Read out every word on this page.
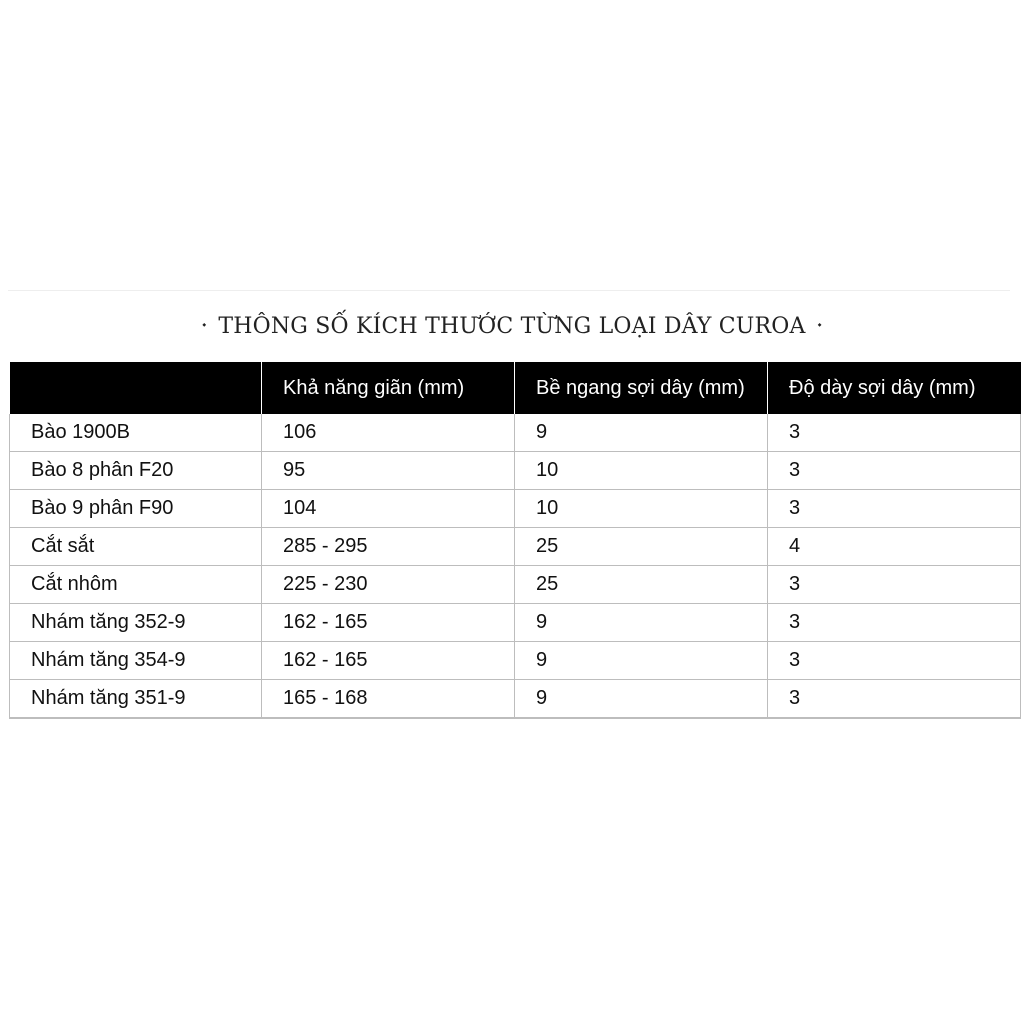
⬩ THÔNG SỐ KÍCH THƯỚC TỪNG LOẠI DÂY CUROA ⬩
	Khả năng giãn (mm)	Bề ngang sợi dây (mm)	Độ dày sợi dây (mm)
Bào 1900B	106	9	3
Bào 8 phân F20	95	10	3
Bào 9 phân F90	104	10	3
Cắt sắt	285 - 295	25	4
Cắt nhôm	225 - 230	25	3
Nhám tăng 352-9	162 - 165	9	3
Nhám tăng 354-9	162 - 165	9	3
Nhám tăng 351-9	165 - 168	9	3
